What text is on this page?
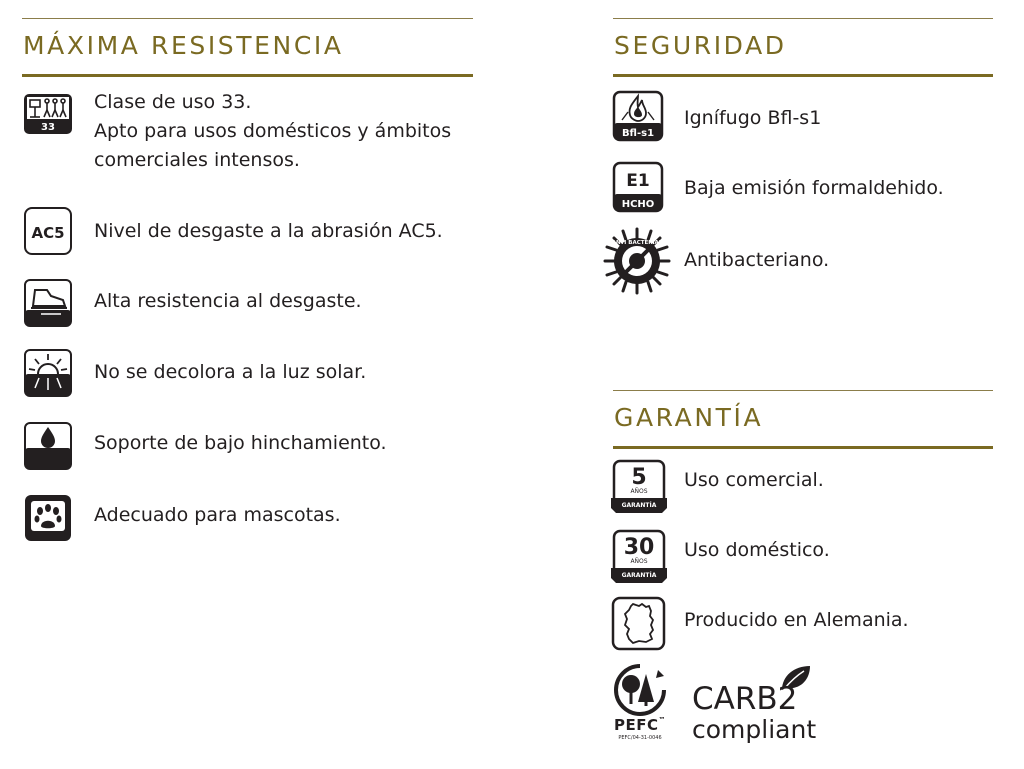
MÁXIMA RESISTENCIA
33
Clase de uso 33.
Apto para usos domésticos y ámbitos
comerciales intensos.
AC5 Nivel de desgaste a la abrasión AC5.
Alta resistencia al desgaste.
No se decolora a la luz solar.
Soporte de bajo hinchamiento.
Adecuado para mascotas.
SEGURIDAD
Bfl-s1
Ignífugo Bfl-s1
E1
HCHO
Baja emisión formaldehido.
ANTI BACTERIAL
Antibacteriano.
GARANTÍA
5
AÑOS
GARANTÍA
Uso comercial.
30
AÑOS
GARANTÍA
Uso doméstico.
Producido en Alemania.
PEFC™
PEFC/04-31-0046
CARB2
compliant
